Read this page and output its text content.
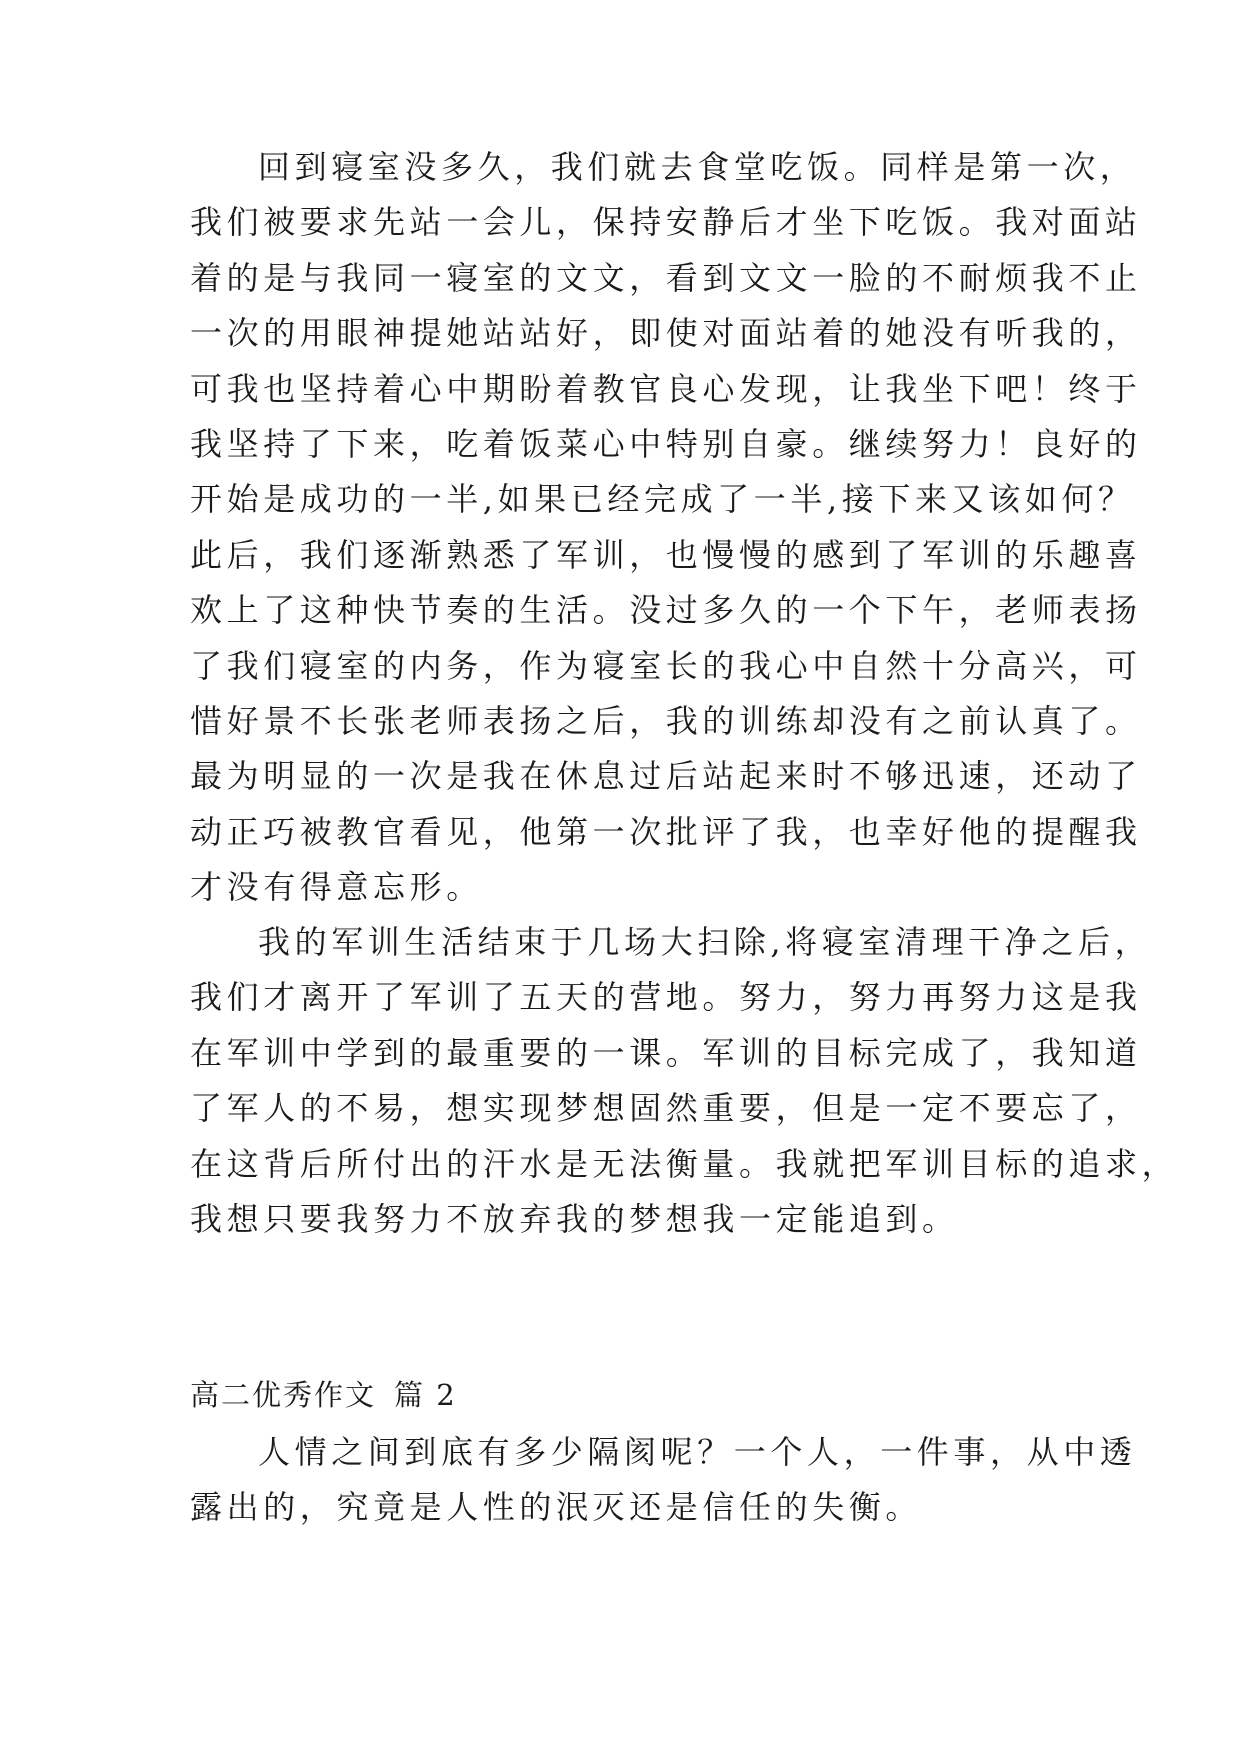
回到寝室没多久，我们就去食堂吃饭。同样是第一次，
我们被要求先站一会儿，保持安静后才坐下吃饭。我对面站
着的是与我同一寝室的文文，看到文文一脸的不耐烦我不止
一次的用眼神提她站站好，即使对面站着的她没有听我的，
可我也坚持着心中期盼着教官良心发现，让我坐下吧！终于
我坚持了下来，吃着饭菜心中特别自豪。继续努力！良好的
开始是成功的一半,如果已经完成了一半,接下来又该如何？
此后，我们逐渐熟悉了军训，也慢慢的感到了军训的乐趣喜
欢上了这种快节奏的生活。没过多久的一个下午，老师表扬
了我们寝室的内务，作为寝室长的我心中自然十分高兴，可
惜好景不长张老师表扬之后，我的训练却没有之前认真了。
最为明显的一次是我在休息过后站起来时不够迅速，还动了
动正巧被教官看见，他第一次批评了我，也幸好他的提醒我
才没有得意忘形。
我的军训生活结束于几场大扫除,将寝室清理干净之后，
我们才离开了军训了五天的营地。努力，努力再努力这是我
在军训中学到的最重要的一课。军训的目标完成了，我知道
了军人的不易，想实现梦想固然重要，但是一定不要忘了，
在这背后所付出的汗水是无法衡量。我就把军训目标的追求，
我想只要我努力不放弃我的梦想我一定能追到。
高二优秀作文 篇 2
人情之间到底有多少隔阂呢？一个人，一件事，从中透
露出的，究竟是人性的泯灭还是信任的失衡。
